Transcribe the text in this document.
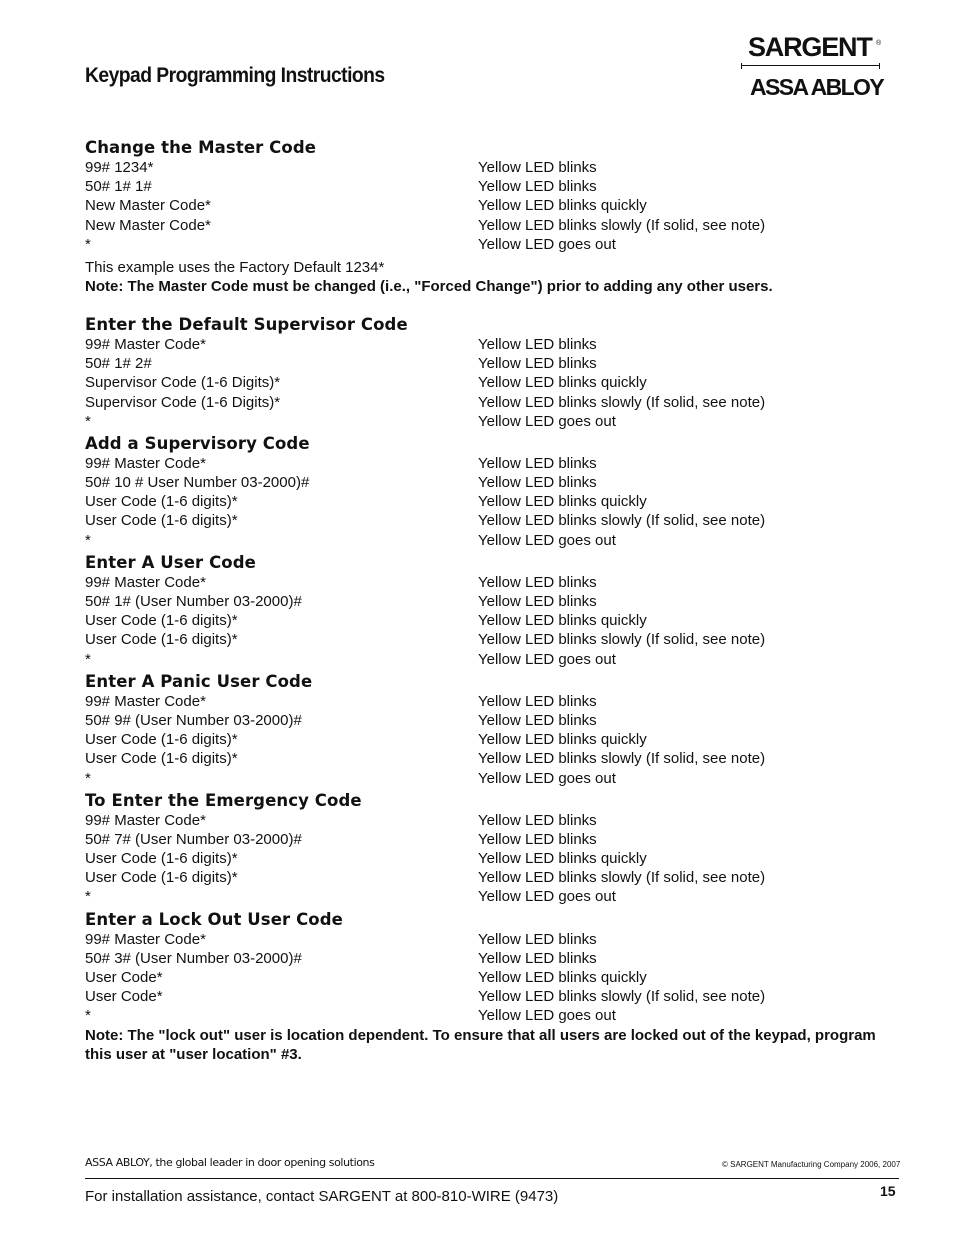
Keypad Programming Instructions
SARGENT ®
ASSA ABLOY
Change the Master Code
99# 1234*	Yellow LED blinks
50# 1# 1#	Yellow LED blinks
New Master Code*	Yellow LED blinks quickly
New Master Code*	Yellow LED blinks slowly (If solid, see note)
*	Yellow LED goes out
This example uses the Factory Default 1234*
Note: The Master Code must be changed (i.e., "Forced Change") prior to adding any other users.
Enter the Default Supervisor Code
99# Master Code*	Yellow LED blinks
50# 1# 2#	Yellow LED blinks
Supervisor Code (1-6 Digits)*	Yellow LED blinks quickly
Supervisor Code (1-6 Digits)*	Yellow LED blinks slowly (If solid, see note)
*	Yellow LED goes out
Add a Supervisory Code
99# Master Code*	Yellow LED blinks
50# 10 # User Number 03-2000)#	Yellow LED blinks
User Code (1-6 digits)*	Yellow LED blinks quickly
User Code (1-6 digits)*	Yellow LED blinks slowly (If solid, see note)
*	Yellow LED goes out
Enter A User Code
99# Master Code*	Yellow LED blinks
50# 1# (User Number 03-2000)#	Yellow LED blinks
User Code (1-6 digits)*	Yellow LED blinks quickly
User Code (1-6 digits)*	Yellow LED blinks slowly (If solid, see note)
*	Yellow LED goes out
Enter A Panic User Code
99# Master Code*	Yellow LED blinks
50# 9# (User Number 03-2000)#	Yellow LED blinks
User Code (1-6 digits)*	Yellow LED blinks quickly
User Code (1-6 digits)*	Yellow LED blinks slowly (If solid, see note)
*	Yellow LED goes out
To Enter the Emergency Code
99# Master Code*	Yellow LED blinks
50# 7# (User Number 03-2000)#	Yellow LED blinks
User Code (1-6 digits)*	Yellow LED blinks quickly
User Code (1-6 digits)*	Yellow LED blinks slowly (If solid, see note)
*	Yellow LED goes out
Enter a Lock Out User Code
99# Master Code*	Yellow LED blinks
50# 3# (User Number 03-2000)#	Yellow LED blinks
User Code*	Yellow LED blinks quickly
User Code*	Yellow LED blinks slowly (If solid, see note)
*	Yellow LED goes out
Note: The "lock out" user is location dependent. To ensure that all users are locked out of the keypad, program this user at "user location" #3.
ASSA ABLOY, the global leader in door opening solutions	© SARGENT Manufacturing Company 2006, 2007
For installation assistance, contact SARGENT at 800-810-WIRE (9473)	15
